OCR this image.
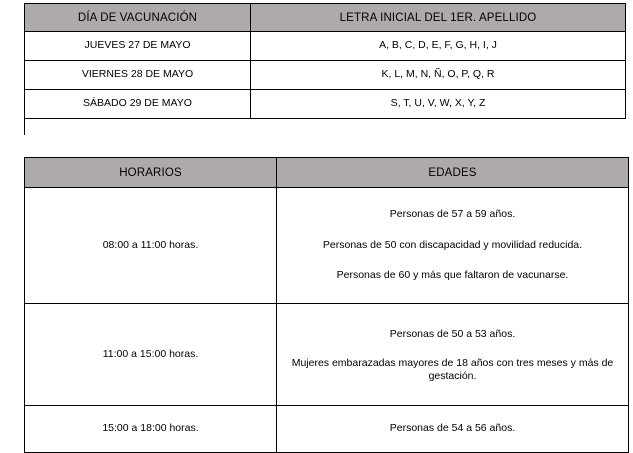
DÍA DE VACUNACIÓN	LETRA INICIAL DEL 1ER. APELLIDO
JUEVES 27 DE MAYO	A, B, C, D, E, F, G, H, I, J
VIERNES 28 DE MAYO	K, L, M, N, Ñ, O, P, Q, R
SÁBADO 29 DE MAYO	S, T, U, V, W, X, Y, Z

HORARIOS	EDADES
08:00 a 11:00 horas.	Personas de 57 a 59 años.

Personas de 50 con discapacidad y movilidad reducida.

Personas de 60 y más que faltaron de vacunarse.

11:00 a 15:00 horas.	Personas de 50 a 53 años.

Mujeres embarazadas mayores de 18 años con tres meses y más de gestación.

15:00 a 18:00 horas.	Personas de 54 a 56 años.
